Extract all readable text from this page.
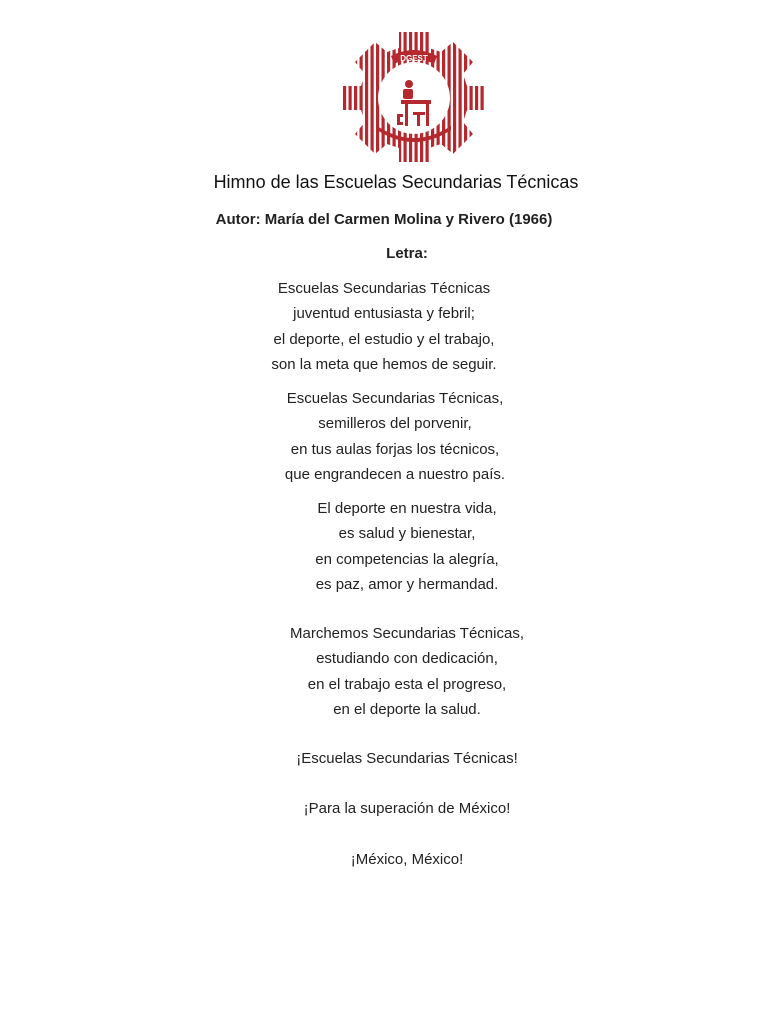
DGEST
Himno de las Escuelas Secundarias Técnicas
Autor: María del Carmen Molina y Rivero (1966)
Letra:
Escuelas Secundarias Técnicas
juventud entusiasta y febril;
el deporte, el estudio y el trabajo,
son la meta que hemos de seguir.
Escuelas Secundarias Técnicas,
semilleros del porvenir,
en tus aulas forjas los técnicos,
que engrandecen a nuestro país.
El deporte en nuestra vida,
es salud y bienestar,
en competencias la alegría,
es paz, amor y hermandad.
Marchemos Secundarias Técnicas,
estudiando con dedicación,
en el trabajo esta el progreso,
en el deporte la salud.
¡Escuelas Secundarias Técnicas!
¡Para la superación de México!
¡México, México!
